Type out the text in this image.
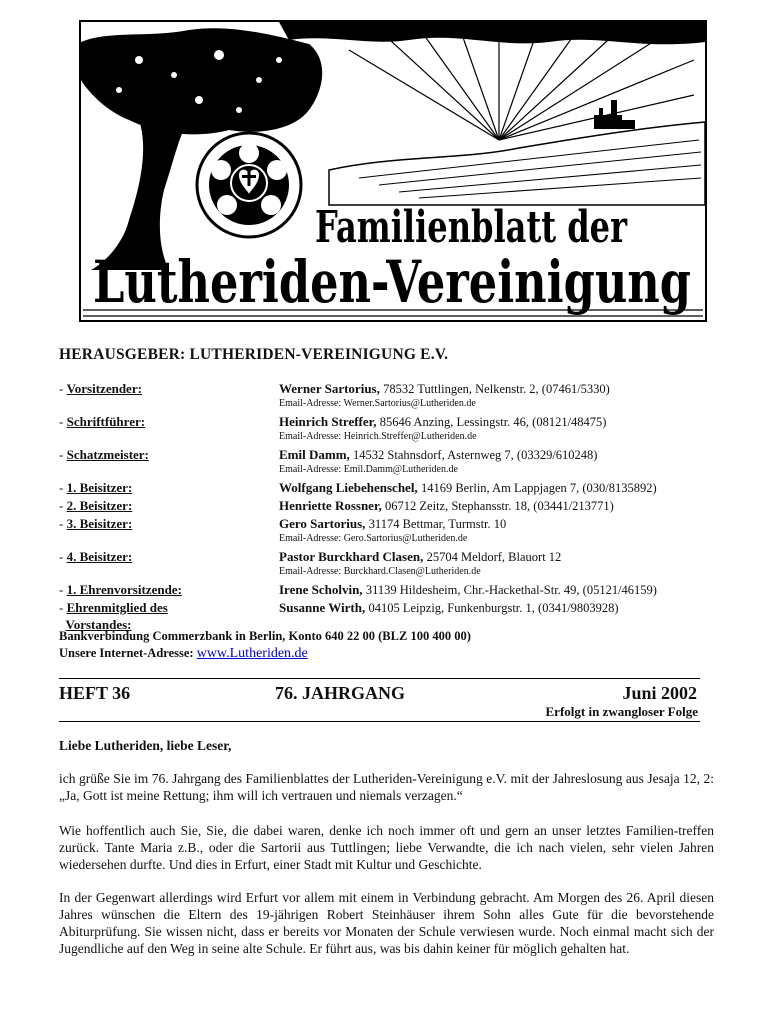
Familienblatt der
Lutheriden-Vereinigung
HERAUSGEBER: LUTHERIDEN-VEREINIGUNG E.V.
- Vorsitzender:	Werner Sartorius, 78532 Tuttlingen, Nelkenstr. 2, (07461/5330)
Email-Adresse: Werner.Sartorius@Lutheriden.de
- Schriftführer:	Heinrich Streffer, 85646 Anzing, Lessingstr. 46, (08121/48475)
Email-Adresse: Heinrich.Streffer@Lutheriden.de
- Schatzmeister:	Emil Damm, 14532 Stahnsdorf, Asternweg 7, (03329/610248)
Email-Adresse: Emil.Damm@Lutheriden.de
- 1. Beisitzer:	Wolfgang Liebehenschel, 14169 Berlin, Am Lappjagen 7, (030/8135892)
- 2. Beisitzer:	Henriette Rossner, 06712 Zeitz, Stephansstr. 18, (03441/213771)
- 3. Beisitzer:	Gero Sartorius, 31174 Bettmar, Turmstr. 10
Email-Adresse: Gero.Sartorius@Lutheriden.de
- 4. Beisitzer:	Pastor Burckhard Clasen, 25704 Meldorf, Blauort 12
Email-Adresse: Burckhard.Clasen@Lutheriden.de
- 1. Ehrenvorsitzende:	Irene Scholvin, 31139 Hildesheim, Chr.-Hackethal-Str. 49, (05121/46159)
- Ehrenmitglied des
Vorstandes:
Susanne Wirth, 04105 Leipzig, Funkenburgstr. 1, (0341/9803928)
Bankverbindung Commerzbank in Berlin, Konto 640 22 00 (BLZ 100 400 00)
Unsere Internet-Adresse: www.Lutheriden.de
HEFT 36	76. JAHRGANG	Juni 2002
Erfolgt in zwangloser Folge
Liebe Lutheriden, liebe Leser,
ich grüße Sie im 76. Jahrgang des Familienblattes der Lutheriden-Vereinigung e.V. mit der Jahreslosung aus Jesaja 12, 2: „Ja, Gott ist meine Rettung; ihm will ich vertrauen und niemals verzagen.“
Wie hoffentlich auch Sie, Sie, die dabei waren, denke ich noch immer oft und gern an unser letztes Familien-treffen zurück. Tante Maria z.B., oder die Sartorii aus Tuttlingen; liebe Verwandte, die ich nach vielen, sehr vielen Jahren wiedersehen durfte. Und dies in Erfurt, einer Stadt mit Kultur und Geschichte.
In der Gegenwart allerdings wird Erfurt vor allem mit einem in Verbindung gebracht. Am Morgen des 26. April diesen Jahres wünschen die Eltern des 19-jährigen Robert Steinhäuser ihrem Sohn alles Gute für die bevorstehende Abiturprüfung. Sie wissen nicht, dass er bereits vor Monaten der Schule verwiesen wurde. Noch einmal macht sich der Jugendliche auf den Weg in seine alte Schule. Er führt aus, was bis dahin keiner für möglich gehalten hat.
